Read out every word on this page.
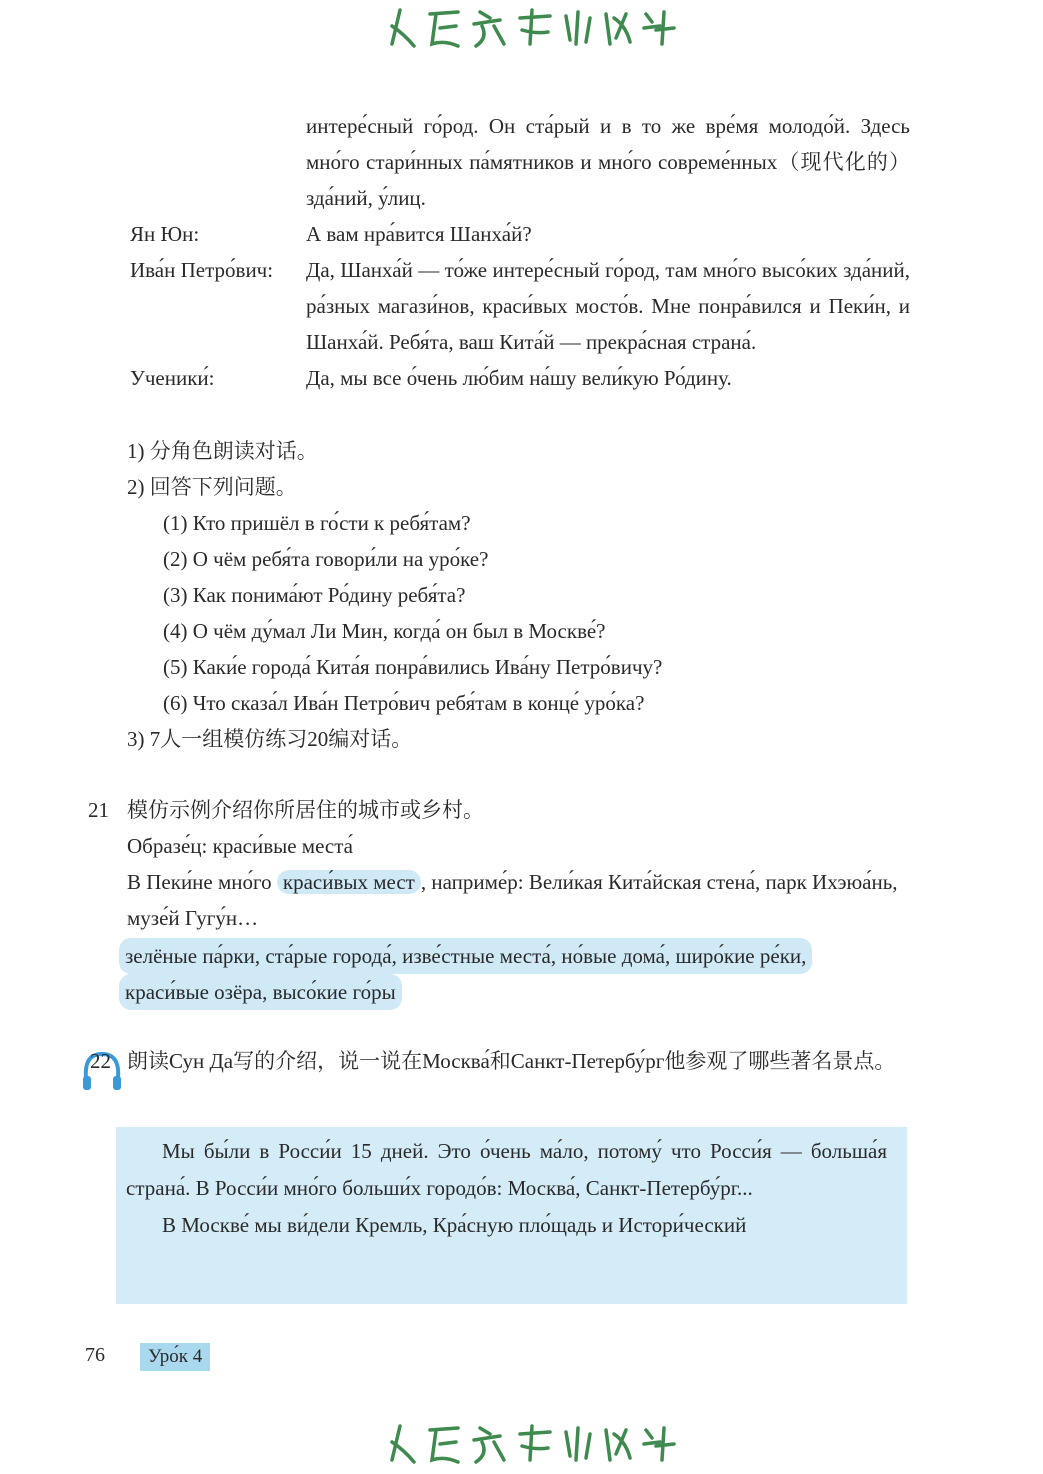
интере́сный го́род. Он ста́рый и в то же вре́мя молодо́й. Здесь мно́го стари́нных па́мятников и мно́го совреме́нных（现代化的）зда́ний, у́лиц.
Ян Юн:	А вам нра́вится Шанха́й?
Ива́н Петро́вич:	Да, Шанха́й — то́же интере́сный го́род, там мно́го высо́ких зда́ний, ра́зных магази́нов, краси́вых мосто́в. Мне понра́вился и Пеки́н, и Шанха́й. Ребя́та, ваш Кита́й — прекра́сная страна́.
Ученики́:	Да, мы все о́чень лю́бим на́шу вели́кую Ро́дину.
1) 分角色朗读对话。
2) 回答下列问题。
(1) Кто пришёл в го́сти к ребя́там?
(2) О чём ребя́та говори́ли на уро́ке?
(3) Как понима́ют Ро́дину ребя́та?
(4) О чём ду́мал Ли Мин, когда́ он был в Москве́?
(5) Каки́е города́ Кита́я понра́вились Ива́ну Петро́вичу?
(6) Что сказа́л Ива́н Петро́вич ребя́там в конце́ уро́ка?
3) 7人一组模仿练习20编对话。
21 模仿示例介绍你所居住的城市或乡村。
Образе́ц: краси́вые места́
В Пеки́не мно́го краси́вых мест , наприме́р: Вели́кая Кита́йская стена́, парк Ихэюа́нь, музе́й Гугу́н…
зелёные па́рки, ста́рые города́, изве́стные места́, но́вые дома́, широ́кие ре́ки,
краси́вые озёра, высо́кие го́ры
22 朗读Сун Да写的介绍，说一说在Москва́和Санкт-Петербу́рг他参观了哪些著名景点。

Мы бы́ли в Росси́и 15 дней. Это о́чень ма́ло, потому́ что Росси́я — больша́я страна́. В Росси́и мно́го больши́х городо́в: Москва́, Санкт-Петербу́рг...

В Москве́ мы ви́дели Кремль, Кра́сную пло́щадь и Истори́ческий

76	Уро́к 4
